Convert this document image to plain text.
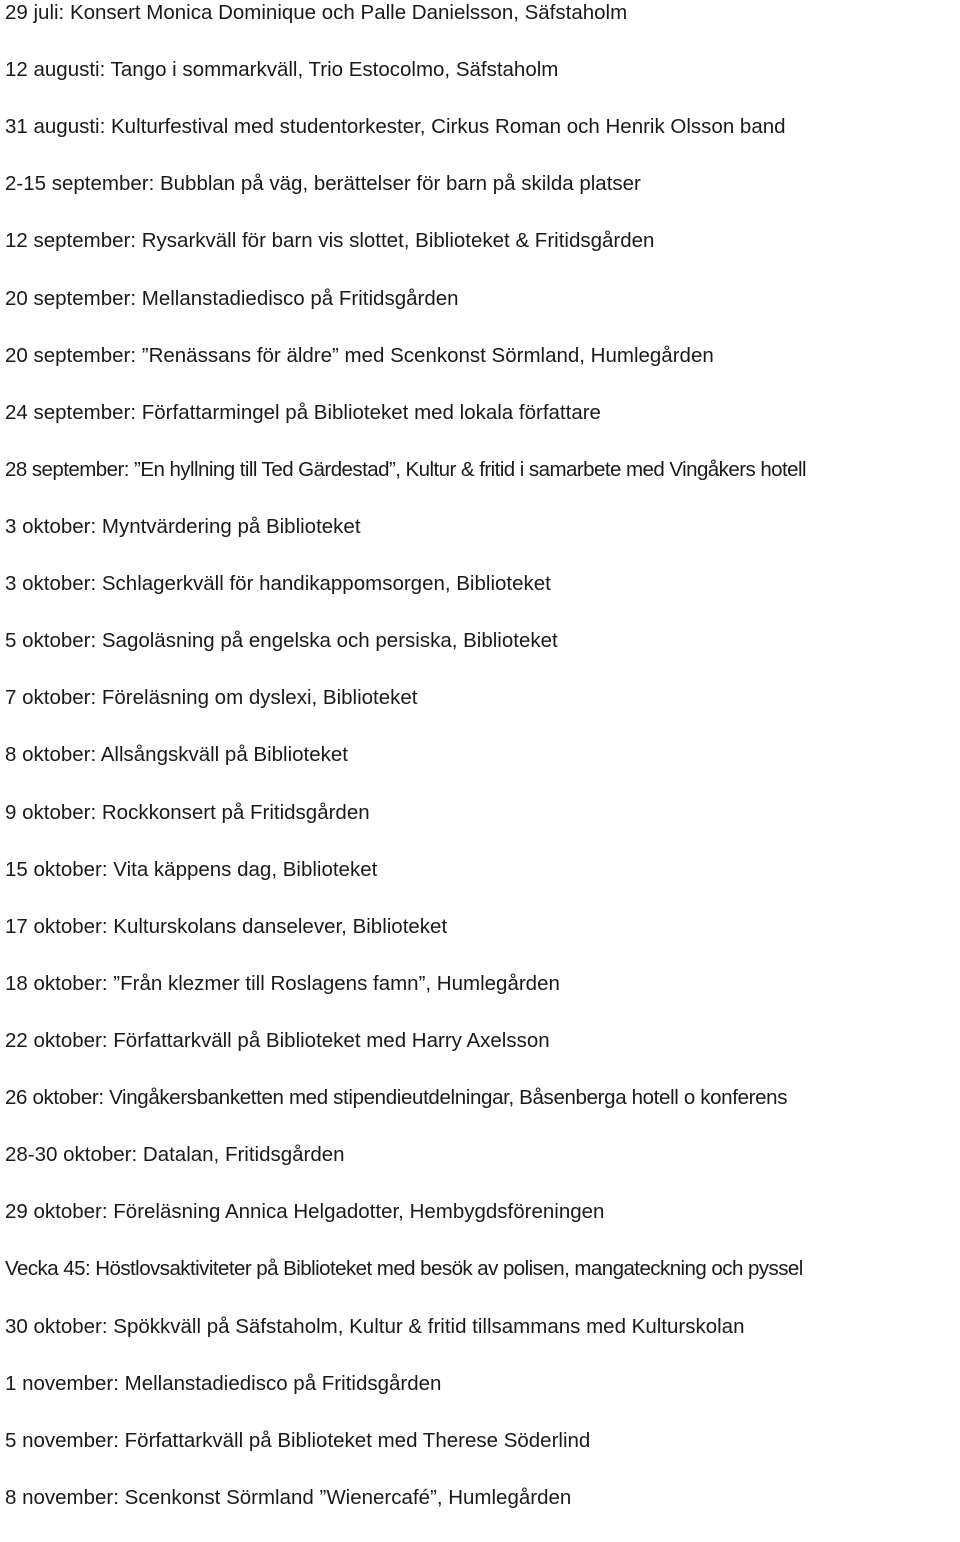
29 juli: Konsert Monica Dominique och Palle Danielsson, Säfstaholm
12 augusti: Tango i sommarkväll, Trio Estocolmo, Säfstaholm
31 augusti: Kulturfestival med studentorkester, Cirkus Roman och Henrik Olsson band
2-15 september: Bubblan på väg, berättelser för barn på skilda platser
12 september: Rysarkväll för barn vis slottet, Biblioteket & Fritidsgården
20 september: Mellanstadiedisco på Fritidsgården
20 september: ”Renässans för äldre” med Scenkonst Sörmland, Humlegården
24 september: Författarmingel på Biblioteket med lokala författare
28 september: ”En hyllning till Ted Gärdestad”, Kultur & fritid i samarbete med Vingåkers hotell
3 oktober: Myntvärdering på Biblioteket
3 oktober: Schlagerkväll för handikappomsorgen, Biblioteket
5 oktober: Sagoläsning på engelska och persiska, Biblioteket
7 oktober: Föreläsning om dyslexi, Biblioteket
8 oktober: Allsångskväll på Biblioteket
9 oktober: Rockkonsert på Fritidsgården
15 oktober: Vita käppens dag, Biblioteket
17 oktober: Kulturskolans danselever, Biblioteket
18 oktober: ”Från klezmer till Roslagens famn”, Humlegården
22 oktober: Författarkväll på Biblioteket med Harry Axelsson
26 oktober: Vingåkersbanketten med stipendieutdelningar, Båsenberga hotell o konferens
28-30 oktober: Datalan, Fritidsgården
29 oktober: Föreläsning Annica Helgadotter, Hembygdsföreningen
Vecka 45: Höstlovsaktiviteter på Biblioteket med besök av polisen, mangateckning och pyssel
30 oktober: Spökkväll på Säfstaholm, Kultur & fritid tillsammans med Kulturskolan
1 november: Mellanstadiedisco på Fritidsgården
5 november: Författarkväll på Biblioteket med Therese Söderlind
8 november: Scenkonst Sörmland ”Wienercafé”, Humlegården
